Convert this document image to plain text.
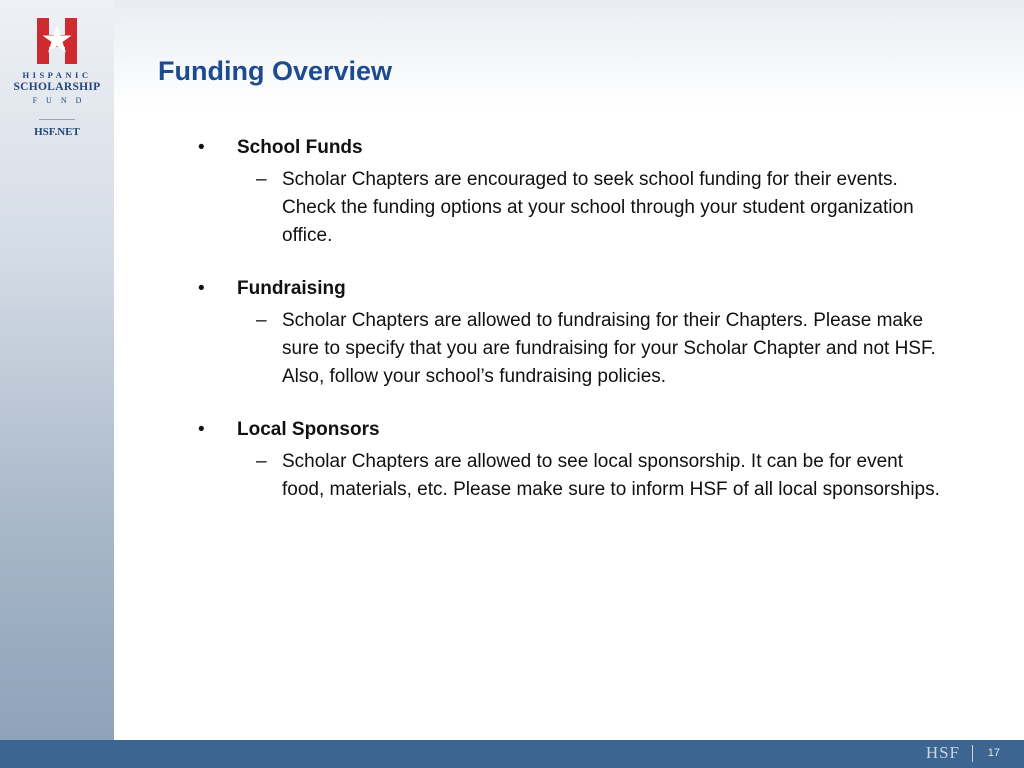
HISPANIC
SCHOLARSHIP
FUND
HSF.NET
Funding Overview
•	School Funds
– Scholar Chapters are encouraged to seek school funding for their events. Check the funding options at your school through your student organization office.
•	Fundraising
– Scholar Chapters are allowed to fundraising for their Chapters. Please make sure to specify that you are fundraising for your Scholar Chapter and not HSF. Also, follow your school’s fundraising policies.
•	Local Sponsors
– Scholar Chapters are allowed to see local sponsorship. It can be for event food, materials, etc. Please make sure to inform HSF of all local sponsorships.
HSF	17
